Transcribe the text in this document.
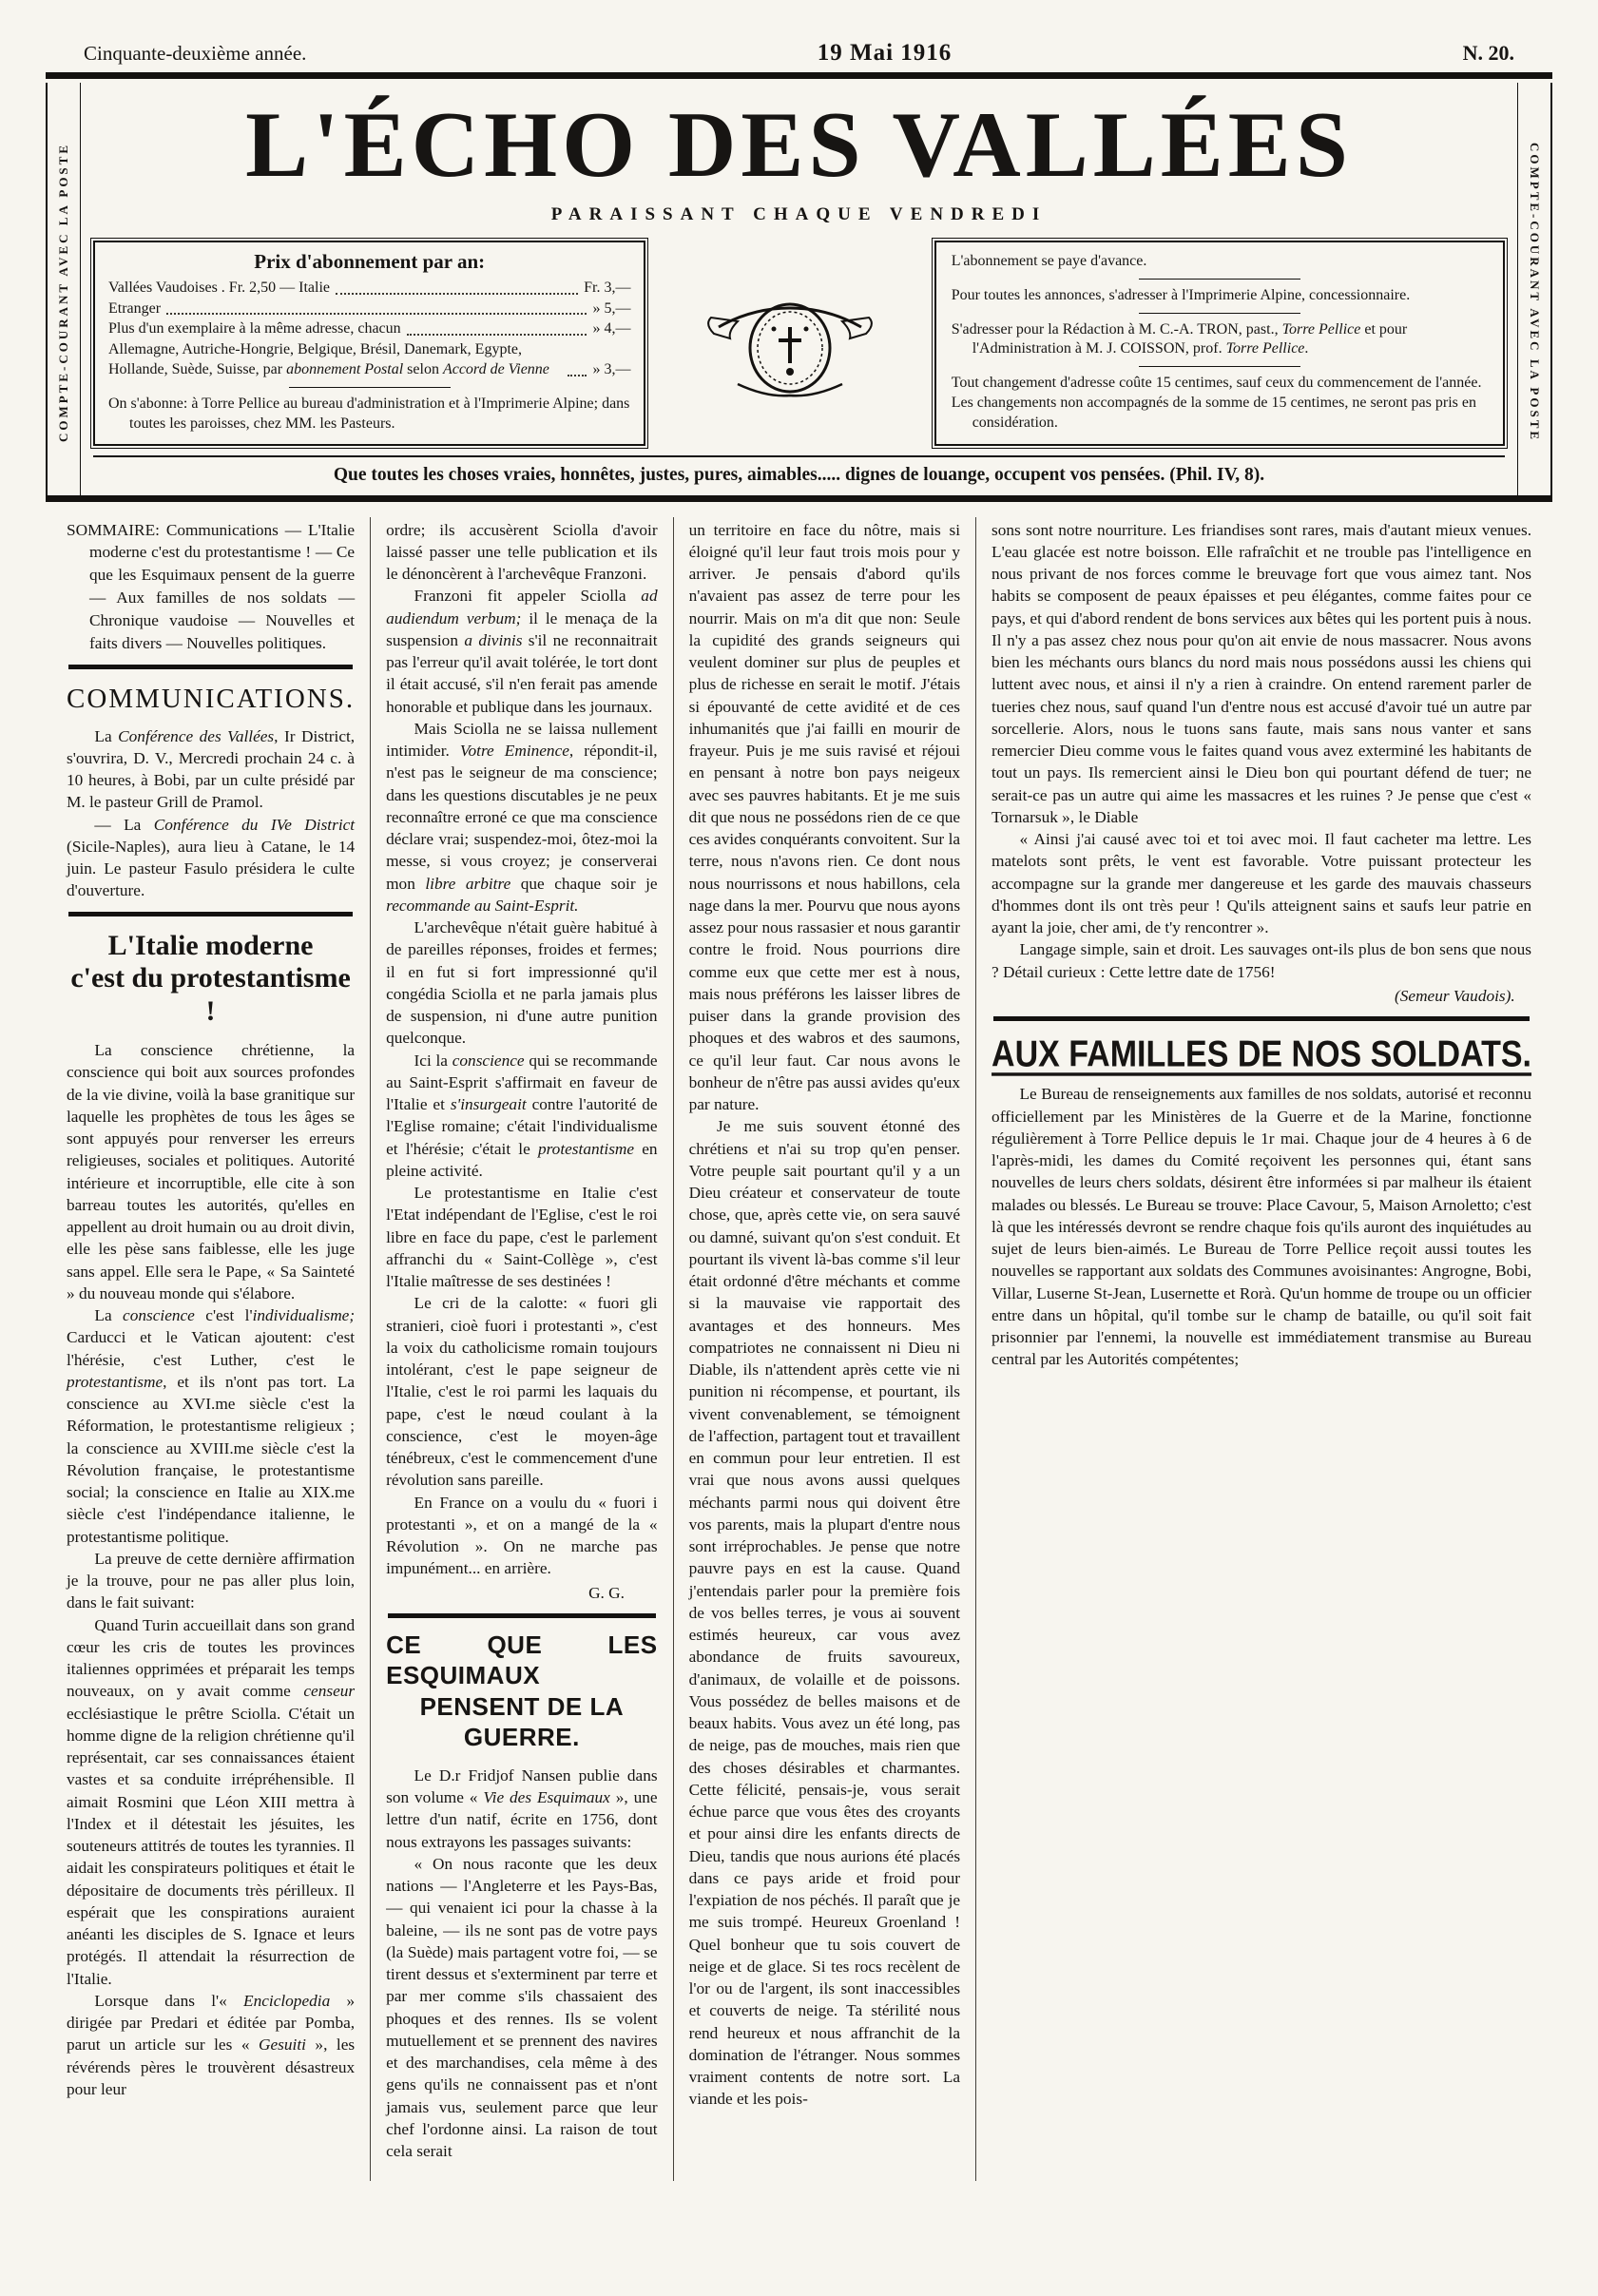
Cinquante-deuxième année.	19 Mai 1916	N. 20.
COMPTE-COURANT AVEC LA POSTE	COMPTE-COURANT AVEC LA POSTE
L'ÉCHO DES VALLÉES
PARAISSANT CHAQUE VENDREDI
Prix d'abonnement par an:
Vallées Vaudoises . Fr. 2,50 — Italie	Fr. 3,—
Etranger	» 5,—
Plus d'un exemplaire à la même adresse, chacun	» 4,—
Allemagne, Autriche-Hongrie, Belgique, Brésil, Danemark, Egypte, Hollande, Suède, Suisse, par abonnement Postal selon Accord de Vienne	» 3,—
On s'abonne: à Torre Pellice au bureau d'administration et à l'Imprimerie Alpine; dans toutes les paroisses, chez MM. les Pasteurs.
L'abonnement se paye d'avance.
Pour toutes les annonces, s'adresser à l'Imprimerie Alpine, concessionnaire.
S'adresser pour la Rédaction à M. C.-A. TRON, past., Torre Pellice et pour l'Administration à M. J. COISSON, prof. Torre Pellice.
Tout changement d'adresse coûte 15 centimes, sauf ceux du commencement de l'année.
Les changements non accompagnés de la somme de 15 centimes, ne seront pas pris en considération.
Que toutes les choses vraies, honnêtes, justes, pures, aimables..... dignes de louange, occupent vos pensées. (Phil. IV, 8).
SOMMAIRE: Communications — L'Italie moderne c'est du protestantisme ! — Ce que les Esquimaux pensent de la guerre — Aux familles de nos soldats — Chronique vaudoise — Nouvelles et faits divers — Nouvelles politiques.
COMMUNICATIONS.

La Conférence des Vallées, Ir District, s'ouvrira, D. V., Mercredi prochain 24 c. à 10 heures, à Bobi, par un culte présidé par M. le pasteur Grill de Pramol.

— La Conférence du IVe District (Sicile-Naples), aura lieu à Catane, le 14 juin. Le pasteur Fasulo présidera le culte d'ouverture.

L'Italie moderne
c'est du protestantisme !

La conscience chrétienne, la conscience qui boit aux sources profondes de la vie divine, voilà la base granitique sur laquelle les prophètes de tous les âges se sont appuyés pour renverser les erreurs religieuses, sociales et politiques. Autorité intérieure et incorruptible, elle cite à son barreau toutes les autorités, qu'elles en appellent au droit humain ou au droit divin, elle les pèse sans faiblesse, elle les juge sans appel. Elle sera le Pape, « Sa Sainteté » du nouveau monde qui s'élabore.

La conscience c'est l'individualisme; Carducci et le Vatican ajoutent: c'est l'hérésie, c'est Luther, c'est le protestantisme, et ils n'ont pas tort. La conscience au XVI.me siècle c'est la Réformation, le protestantisme religieux ; la conscience au XVIII.me siècle c'est la Révolution française, le protestantisme social; la conscience en Italie au XIX.me siècle c'est l'indépendance italienne, le protestantisme politique.

La preuve de cette dernière affirmation je la trouve, pour ne pas aller plus loin, dans le fait suivant:

Quand Turin accueillait dans son grand cœur les cris de toutes les provinces italiennes opprimées et préparait les temps nouveaux, on y avait comme censeur ecclésiastique le prêtre Sciolla. C'était un homme digne de la religion chrétienne qu'il représentait, car ses connaissances étaient vastes et sa conduite irrépréhensible. Il aimait Rosmini que Léon XIII mettra à l'Index et il détestait les jésuites, les souteneurs attitrés de toutes les tyrannies. Il aidait les conspirateurs politiques et était le dépositaire de documents très périlleux. Il espérait que les conspirations auraient anéanti les disciples de S. Ignace et leurs protégés. Il attendait la résurrection de l'Italie.

Lorsque dans l'« Enciclopedia » dirigée par Predari et éditée par Pomba, parut un article sur les « Gesuiti », les révérends pères le trouvèrent désastreux pour leur

ordre; ils accusèrent Sciolla d'avoir laissé passer une telle publication et ils le dénoncèrent à l'archevêque Franzoni.

Franzoni fit appeler Sciolla ad audiendum verbum; il le menaça de la suspension a divinis s'il ne reconnaitrait pas l'erreur qu'il avait tolérée, le tort dont il était accusé, s'il n'en ferait pas amende honorable et publique dans les journaux.

Mais Sciolla ne se laissa nullement intimider. Votre Eminence, répondit-il, n'est pas le seigneur de ma conscience; dans les questions discutables je ne peux reconnaître erroné ce que ma conscience déclare vrai; suspendez-moi, ôtez-moi la messe, si vous croyez; je conserverai mon libre arbitre que chaque soir je recommande au Saint-Esprit.

L'archevêque n'était guère habitué à de pareilles réponses, froides et fermes; il en fut si fort impressionné qu'il congédia Sciolla et ne parla jamais plus de suspension, ni d'une autre punition quelconque.

Ici la conscience qui se recommande au Saint-Esprit s'affirmait en faveur de l'Italie et s'insurgeait contre l'autorité de l'Eglise romaine; c'était l'individualisme et l'hérésie; c'était le protestantisme en pleine activité.

Le protestantisme en Italie c'est l'Etat indépendant de l'Eglise, c'est le roi libre en face du pape, c'est le parlement affranchi du « Saint-Collège », c'est l'Italie maîtresse de ses destinées !

Le cri de la calotte: « fuori gli stranieri, cioè fuori i protestanti », c'est la voix du catholicisme romain toujours intolérant, c'est le pape seigneur de l'Italie, c'est le roi parmi les laquais du pape, c'est le nœud coulant à la conscience, c'est le moyen-âge ténébreux, c'est le commencement d'une révolution sans pareille.

En France on a voulu du « fuori i protestanti », et on a mangé de la « Révolution ». On ne marche pas impunément... en arrière.

G. G.
CE QUE LES ESQUIMAUX
PENSENT DE LA GUERRE.

Le D.r Fridjof Nansen publie dans son volume « Vie des Esquimaux », une lettre d'un natif, écrite en 1756, dont nous extrayons les passages suivants:

« On nous raconte que les deux nations — l'Angleterre et les Pays-Bas, — qui venaient ici pour la chasse à la baleine, — ils ne sont pas de votre pays (la Suède) mais partagent votre foi, — se tirent dessus et s'exterminent par terre et par mer comme s'ils chassaient des phoques et des rennes. Ils se volent mutuellement et se prennent des navires et des marchandises, cela même à des gens qu'ils ne connaissent pas et n'ont jamais vus, seulement parce que leur chef l'ordonne ainsi. La raison de tout cela serait

un territoire en face du nôtre, mais si éloigné qu'il leur faut trois mois pour y arriver. Je pensais d'abord qu'ils n'avaient pas assez de terre pour les nourrir. Mais on m'a dit que non: Seule la cupidité des grands seigneurs qui veulent dominer sur plus de peuples et plus de richesse en serait le motif. J'étais si épouvanté de cette avidité et de ces inhumanités que j'ai failli en mourir de frayeur. Puis je me suis ravisé et réjoui en pensant à notre bon pays neigeux avec ses pauvres habitants. Et je me suis dit que nous ne possédons rien de ce que ces avides conquérants convoitent. Sur la terre, nous n'avons rien. Ce dont nous nous nourrissons et nous habillons, cela nage dans la mer. Pourvu que nous ayons assez pour nous rassasier et nous garantir contre le froid. Nous pourrions dire comme eux que cette mer est à nous, mais nous préférons les laisser libres de puiser dans la grande provision des phoques et des wabros et des saumons, ce qu'il leur faut. Car nous avons le bonheur de n'être pas aussi avides qu'eux par nature.

Je me suis souvent étonné des chrétiens et n'ai su trop qu'en penser. Votre peuple sait pourtant qu'il y a un Dieu créateur et conservateur de toute chose, que, après cette vie, on sera sauvé ou damné, suivant qu'on s'est conduit. Et pourtant ils vivent là-bas comme s'il leur était ordonné d'être méchants et comme si la mauvaise vie rapportait des avantages et des honneurs. Mes compatriotes ne connaissent ni Dieu ni Diable, ils n'attendent après cette vie ni punition ni récompense, et pourtant, ils vivent convenablement, se témoignent de l'affection, partagent tout et travaillent en commun pour leur entretien. Il est vrai que nous avons aussi quelques méchants parmi nous qui doivent être vos parents, mais la plupart d'entre nous sont irréprochables. Je pense que notre pauvre pays en est la cause. Quand j'entendais parler pour la première fois de vos belles terres, je vous ai souvent estimés heureux, car vous avez abondance de fruits savoureux, d'animaux, de volaille et de poissons. Vous possédez de belles maisons et de beaux habits. Vous avez un été long, pas de neige, pas de mouches, mais rien que des choses désirables et charmantes. Cette félicité, pensais-je, vous serait échue parce que vous êtes des croyants et pour ainsi dire les enfants directs de Dieu, tandis que nous aurions été placés dans ce pays aride et froid pour l'expiation de nos péchés. Il paraît que je me suis trompé. Heureux Groenland ! Quel bonheur que tu sois couvert de neige et de glace. Si tes rocs recèlent de l'or ou de l'argent, ils sont inaccessibles et couverts de neige. Ta stérilité nous rend heureux et nous affranchit de la domination de l'étranger. Nous sommes vraiment contents de notre sort. La viande et les pois-

sons sont notre nourriture. Les friandises sont rares, mais d'autant mieux venues. L'eau glacée est notre boisson. Elle rafraîchit et ne trouble pas l'intelligence en nous privant de nos forces comme le breuvage fort que vous aimez tant. Nos habits se composent de peaux épaisses et peu élégantes, comme faites pour ce pays, et qui d'abord rendent de bons services aux bêtes qui les portent puis à nous. Il n'y a pas assez chez nous pour qu'on ait envie de nous massacrer. Nous avons bien les méchants ours blancs du nord mais nous possédons aussi les chiens qui luttent avec nous, et ainsi il n'y a rien à craindre. On entend rarement parler de tueries chez nous, sauf quand l'un d'entre nous est accusé d'avoir tué un autre par sorcellerie. Alors, nous le tuons sans faute, mais sans nous vanter et sans remercier Dieu comme vous le faites quand vous avez exterminé les habitants de tout un pays. Ils remercient ainsi le Dieu bon qui pourtant défend de tuer; ne serait-ce pas un autre qui aime les massacres et les ruines ? Je pense que c'est « Tornarsuk », le Diable

« Ainsi j'ai causé avec toi et toi avec moi. Il faut cacheter ma lettre. Les matelots sont prêts, le vent est favorable. Votre puissant protecteur les accompagne sur la grande mer dangereuse et les garde des mauvais chasseurs d'hommes dont ils ont très peur ! Qu'ils atteignent sains et saufs leur patrie en ayant la joie, cher ami, de t'y rencontrer ».

Langage simple, sain et droit. Les sauvages ont-ils plus de bon sens que nous ? Détail curieux : Cette lettre date de 1756!

(Semeur Vaudois).
AUX FAMILLES DE NOS SOLDATS.

Le Bureau de renseignements aux familles de nos soldats, autorisé et reconnu officiellement par les Ministères de la Guerre et de la Marine, fonctionne régulièrement à Torre Pellice depuis le 1r mai. Chaque jour de 4 heures à 6 de l'après-midi, les dames du Comité reçoivent les personnes qui, étant sans nouvelles de leurs chers soldats, désirent être informées si par malheur ils étaient malades ou blessés. Le Bureau se trouve: Place Cavour, 5, Maison Arnoletto; c'est là que les intéressés devront se rendre chaque fois qu'ils auront des inquiétudes au sujet de leurs bien-aimés. Le Bureau de Torre Pellice reçoit aussi toutes les nouvelles se rapportant aux soldats des Communes avoisinantes: Angrogne, Bobi, Villar, Luserne St-Jean, Lusernette et Rorà. Qu'un homme de troupe ou un officier entre dans un hôpital, qu'il tombe sur le champ de bataille, ou qu'il soit fait prisonnier par l'ennemi, la nouvelle est immédiatement transmise au Bureau central par les Autorités compétentes;
